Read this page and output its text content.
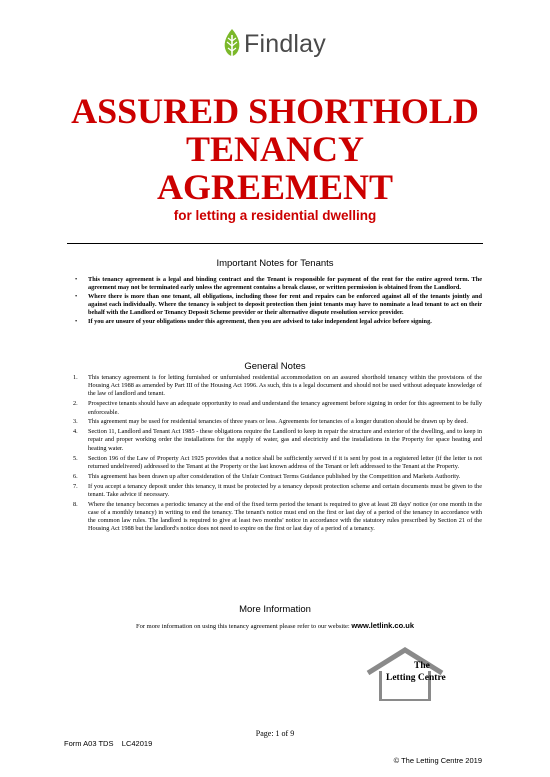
Findlay
ASSURED SHORTHOLD
TENANCY
AGREEMENT
for letting a residential dwelling
Important Notes for Tenants
• This tenancy agreement is a legal and binding contract and the Tenant is responsible for payment of the rent for the entire agreed term. The agreement may not be terminated early unless the agreement contains a break clause, or written permission is obtained from the Landlord.
• Where there is more than one tenant, all obligations, including those for rent and repairs can be enforced against all of the tenants jointly and against each individually. Where the tenancy is subject to deposit protection then joint tenants may have to nominate a lead tenant to act on their behalf with the Landlord or Tenancy Deposit Scheme provider or their alternative dispute resolution service provider.
• If you are unsure of your obligations under this agreement, then you are advised to take independent legal advice before signing.
General Notes
1. This tenancy agreement is for letting furnished or unfurnished residential accommodation on an assured shorthold tenancy within the provisions of the Housing Act 1988 as amended by Part III of the Housing Act 1996. As such, this is a legal document and should not be used without adequate knowledge of the law of landlord and tenant.
2. Prospective tenants should have an adequate opportunity to read and understand the tenancy agreement before signing in order for this agreement to be fully enforceable.
3. This agreement may be used for residential tenancies of three years or less. Agreements for tenancies of a longer duration should be drawn up by deed.
4. Section 11, Landlord and Tenant Act 1985 - these obligations require the Landlord to keep in repair the structure and exterior of the dwelling, and to keep in repair and proper working order the installations for the supply of water, gas and electricity and the installations in the Property for space heating and heating water.
5. Section 196 of the Law of Property Act 1925 provides that a notice shall be sufficiently served if it is sent by post in a registered letter (if the letter is not returned undelivered) addressed to the Tenant at the Property or the last known address of the Tenant or left addressed to the Tenant at the Property.
6. This agreement has been drawn up after consideration of the Unfair Contract Terms Guidance published by the Competition and Markets Authority.
7. If you accept a tenancy deposit under this tenancy, it must be protected by a tenancy deposit protection scheme and certain documents must be given to the tenant. Take advice if necessary.
8. Where the tenancy becomes a periodic tenancy at the end of the fixed term period the tenant is required to give at least 28 days' notice (or one month in the case of a monthly tenancy) in writing to end the tenancy. The tenant's notice must end on the first or last day of a period of the tenancy in accordance with the common law rules. The landlord is required to give at least two months' notice in accordance with the statutory rules prescribed by Section 21 of the Housing Act 1988 but the landlord's notice does not need to expire on the first or last day of a period of a tenancy.
More Information
For more information on using this tenancy agreement please refer to our website: www.letlink.co.uk
The
Letting Centre
Page: 1 of 9
Form A03 TDS    LC42019
© The Letting Centre 2019
